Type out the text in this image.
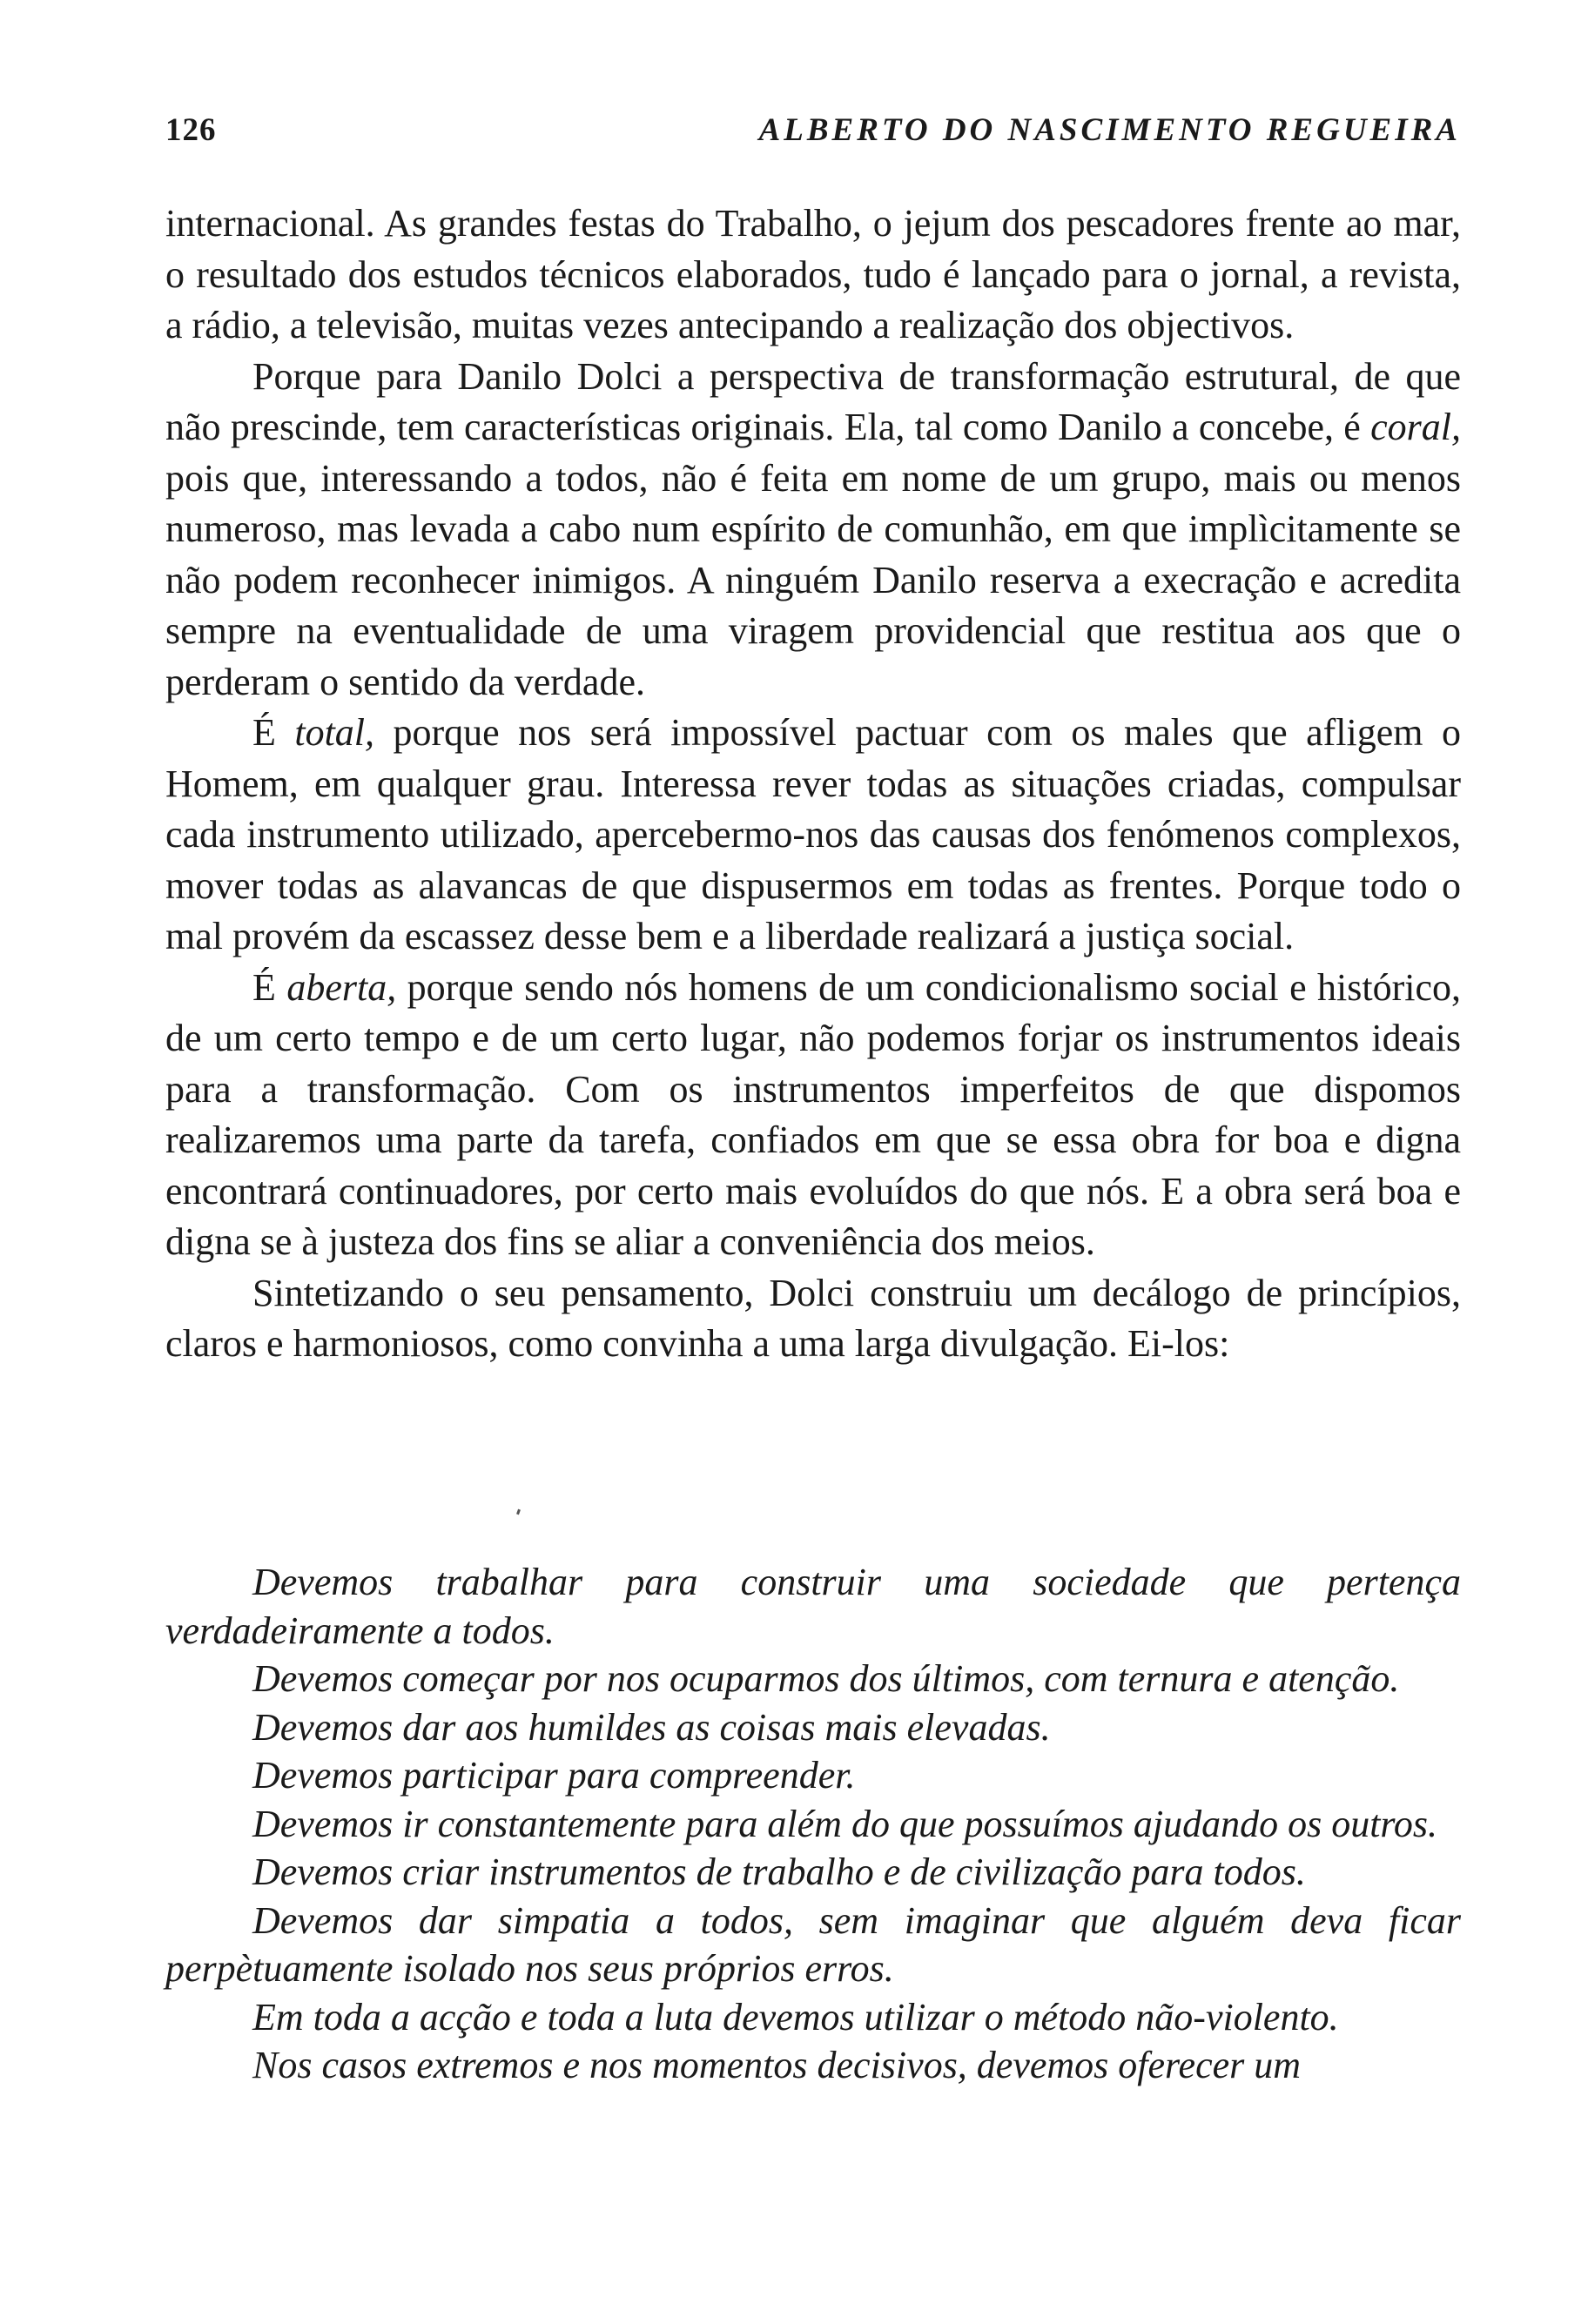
126	ALBERTO DO NASCIMENTO REGUEIRA

internacional. As grandes festas do Trabalho, o jejum dos pescadores frente ao mar, o resultado dos estudos técnicos elaborados, tudo é lançado para o jornal, a revista, a rádio, a televisão, muitas vezes antecipando a realização dos objectivos.

Porque para Danilo Dolci a perspectiva de transformação estrutural, de que não prescinde, tem características originais. Ela, tal como Danilo a concebe, é coral, pois que, interessando a todos, não é feita em nome de um grupo, mais ou menos numeroso, mas levada a cabo num espírito de comunhão, em que implìcitamente se não podem reconhecer inimigos. A ninguém Danilo reserva a execração e acredita sempre na eventualidade de uma viragem providencial que restitua aos que o perderam o sentido da verdade.

É total, porque nos será impossível pactuar com os males que afligem o Homem, em qualquer grau. Interessa rever todas as situações criadas, compulsar cada instrumento utilizado, apercebermo-nos das causas dos fenómenos complexos, mover todas as alavancas de que dispusermos em todas as frentes. Porque todo o mal provém da escassez desse bem e a liberdade realizará a justiça social.

É aberta, porque sendo nós homens de um condicionalismo social e histórico, de um certo tempo e de um certo lugar, não podemos forjar os instrumentos ideais para a transformação. Com os instrumentos imperfeitos de que dispomos realizaremos uma parte da tarefa, confiados em que se essa obra for boa e digna encontrará continuadores, por certo mais evoluídos do que nós. E a obra será boa e digna se à justeza dos fins se aliar a conveniência dos meios.

Sintetizando o seu pensamento, Dolci construiu um decálogo de princípios, claros e harmoniosos, como convinha a uma larga divulgação. Ei-los:

Devemos trabalhar para construir uma sociedade que pertença verdadeiramente a todos.

Devemos começar por nos ocuparmos dos últimos, com ternura e atenção.

Devemos dar aos humildes as coisas mais elevadas.

Devemos participar para compreender.

Devemos ir constantemente para além do que possuímos ajudando os outros.

Devemos criar instrumentos de trabalho e de civilização para todos.

Devemos dar simpatia a todos, sem imaginar que alguém deva ficar perpètuamente isolado nos seus próprios erros.

Em toda a acção e toda a luta devemos utilizar o método não-violento.

Nos casos extremos e nos momentos decisivos, devemos oferecer um
